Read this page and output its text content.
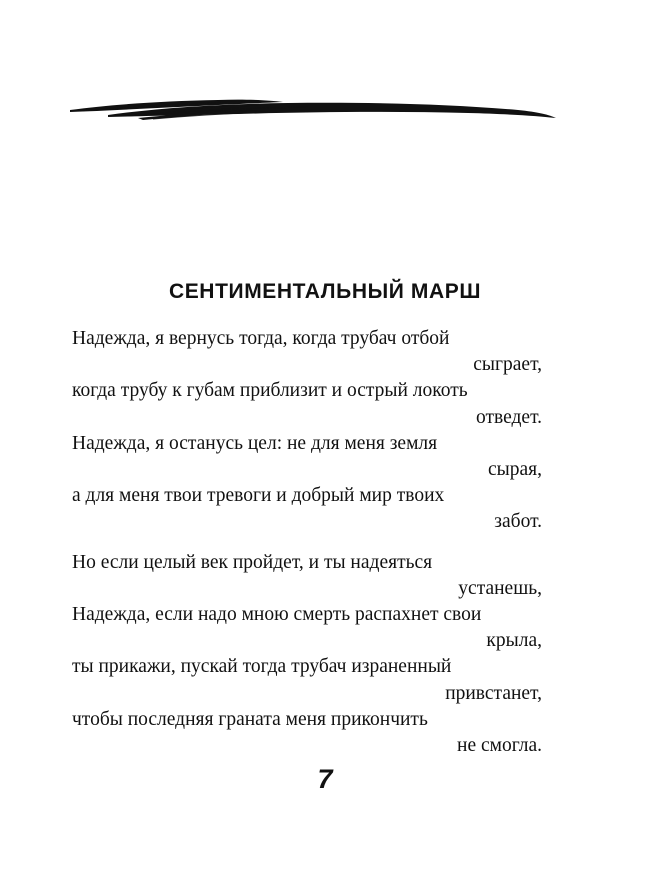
СЕНТИМЕНТАЛЬНЫЙ МАРШ
Надежда, я вернусь тогда, когда трубач отбой
сыграет,
когда трубу к губам приблизит и острый локоть
отведет.
Надежда, я останусь цел: не для меня земля
сырая,
а для меня твои тревоги и добрый мир твоих
забот.
Но если целый век пройдет, и ты надеяться
устанешь,
Надежда, если надо мною смерть распахнет свои
крыла,
ты прикажи, пускай тогда трубач израненный
привстанет,
чтобы последняя граната меня прикончить
не смогла.
7
